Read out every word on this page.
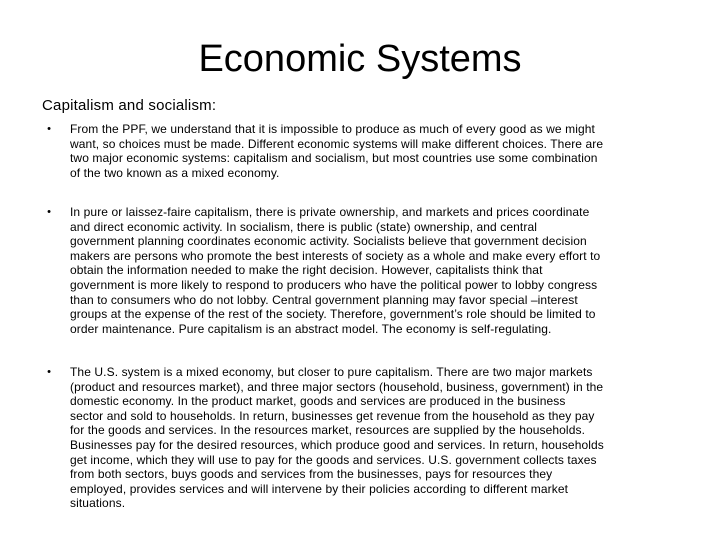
Economic Systems
Capitalism and socialism:
•	From the PPF, we understand that it is impossible to produce as much of every good as we might
want, so choices must be made. Different economic systems will make different choices. There are
two major economic systems: capitalism and socialism, but most countries use some combination
of the two known as a mixed economy.
•	In pure or laissez-faire capitalism, there is private ownership, and markets and prices coordinate
and direct economic activity. In socialism, there is public (state) ownership, and central
government planning coordinates economic activity. Socialists believe that government decision
makers are persons who promote the best interests of society as a whole and make every effort to
obtain the information needed to make the right decision. However, capitalists think that
government is more likely to respond to producers who have the political power to lobby congress
than to consumers who do not lobby. Central government planning may favor special –interest
groups at the expense of the rest of the society. Therefore, government’s role should be limited to
order maintenance. Pure capitalism is an abstract model. The economy is self-regulating.
•	The U.S. system is a mixed economy, but closer to pure capitalism. There are two major markets
(product and resources market), and three major sectors (household, business, government) in the
domestic economy. In the product market, goods and services are produced in the business
sector and sold to households. In return, businesses get revenue from the household as they pay
for the goods and services. In the resources market, resources are supplied by the households.
Businesses pay for the desired resources, which produce good and services. In return, households
get income, which they will use to pay for the goods and services. U.S. government collects taxes
from both sectors, buys goods and services from the businesses, pays for resources they
employed, provides services and will intervene by their policies according to different market
situations.
